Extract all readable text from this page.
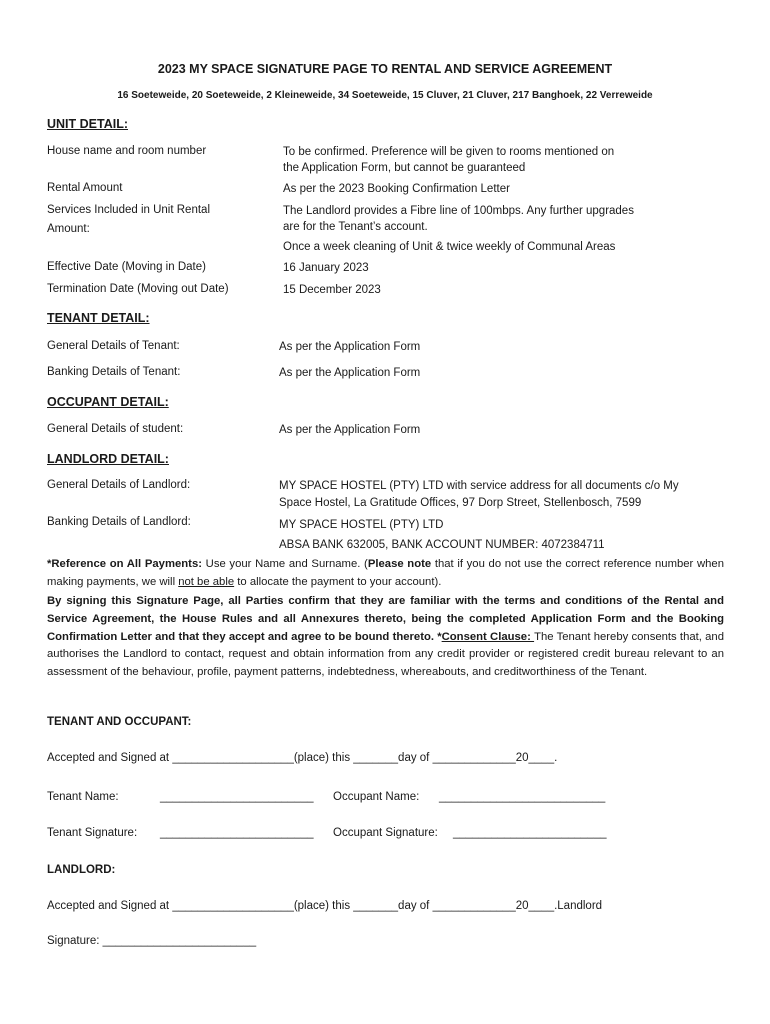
2023 MY SPACE SIGNATURE PAGE TO RENTAL AND SERVICE AGREEMENT
16 Soeteweide, 20 Soeteweide, 2 Kleineweide, 34 Soeteweide, 15 Cluver, 21 Cluver, 217 Banghoek, 22 Verreweide
UNIT DETAIL:
House name and room number	To be confirmed. Preference will be given to rooms mentioned on
the Application Form, but cannot be guaranteed
Rental Amount	As per the 2023 Booking Confirmation Letter
Services Included in Unit Rental
Amount:
The Landlord provides a Fibre line of 100mbps. Any further upgrades
are for the Tenant’s account.
Once a week cleaning of Unit & twice weekly of Communal Areas
Effective Date (Moving in Date)	16 January 2023
Termination Date (Moving out Date)	15 December 2023
TENANT DETAIL:
General Details of Tenant:	As per the Application Form
Banking Details of Tenant:	As per the Application Form
OCCUPANT DETAIL:
General Details of student:	As per the Application Form
LANDLORD DETAIL:
General Details of Landlord:	MY SPACE HOSTEL (PTY) LTD with service address for all documents c/o My
Space Hostel, La Gratitude Offices, 97 Dorp Street, Stellenbosch, 7599
Banking Details of Landlord:	MY SPACE HOSTEL (PTY) LTD
ABSA BANK 632005, BANK ACCOUNT NUMBER: 4072384711
*Reference on All Payments: Use your Name and Surname. (Please note that if you do not use the correct reference number when making payments, we will not be able to allocate the payment to your account).
By signing this Signature Page, all Parties confirm that they are familiar with the terms and conditions of the Rental and Service Agreement, the House Rules and all Annexures thereto, being the completed Application Form and the Booking Confirmation Letter and that they accept and agree to be bound thereto. *Consent Clause: The Tenant hereby consents that, and authorises the Landlord to contact, request and obtain information from any credit provider or registered credit bureau relevant to an assessment of the behaviour, profile, payment patterns, indebtedness, whereabouts, and creditworthiness of the Tenant.
TENANT AND OCCUPANT:
Accepted and Signed at ___________________(place) this _______day of _____________20____.
Tenant Name:	________________________ Occupant Name: __________________________
Tenant Signature: ________________________ Occupant Signature: ________________________
LANDLORD:
Accepted and Signed at ___________________(place) this _______day of _____________20____.Landlord
Signature: ________________________
